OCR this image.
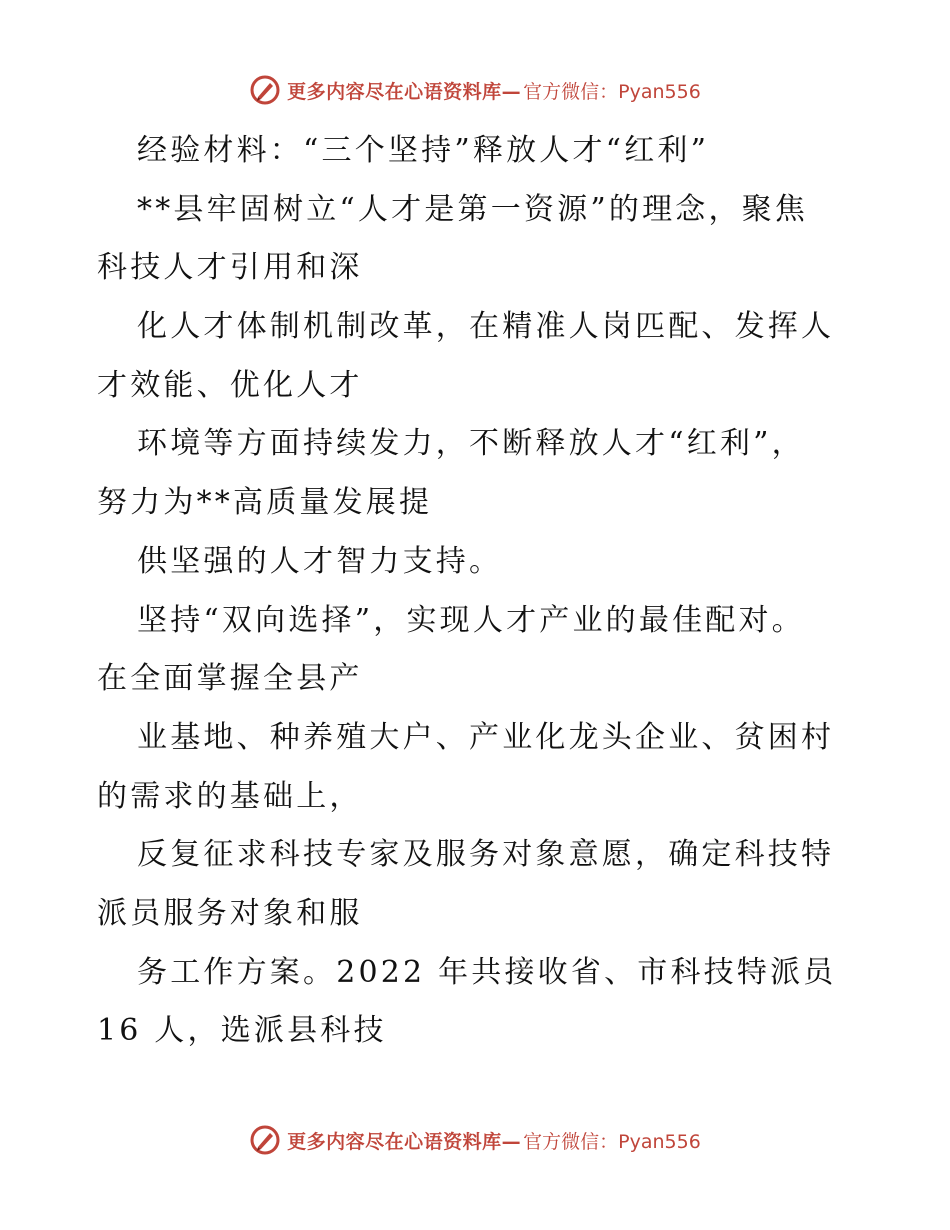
更多内容尽在心语资料库— 官方微信：Pyan556
经验材料：“三个坚持”释放人才“红利”
**县牢固树立“人才是第一资源”的理念，聚焦
科技人才引用和深
化人才体制机制改革，在精准人岗匹配、发挥人
才效能、优化人才
环境等方面持续发力，不断释放人才“红利”，
努力为**高质量发展提
供坚强的人才智力支持。
坚持“双向选择”，实现人才产业的最佳配对。
在全面掌握全县产
业基地、种养殖大户、产业化龙头企业、贫困村
的需求的基础上，
反复征求科技专家及服务对象意愿，确定科技特
派员服务对象和服
务工作方案。2022 年共接收省、市科技特派员
16 人，选派县科技
更多内容尽在心语资料库— 官方微信：Pyan556
